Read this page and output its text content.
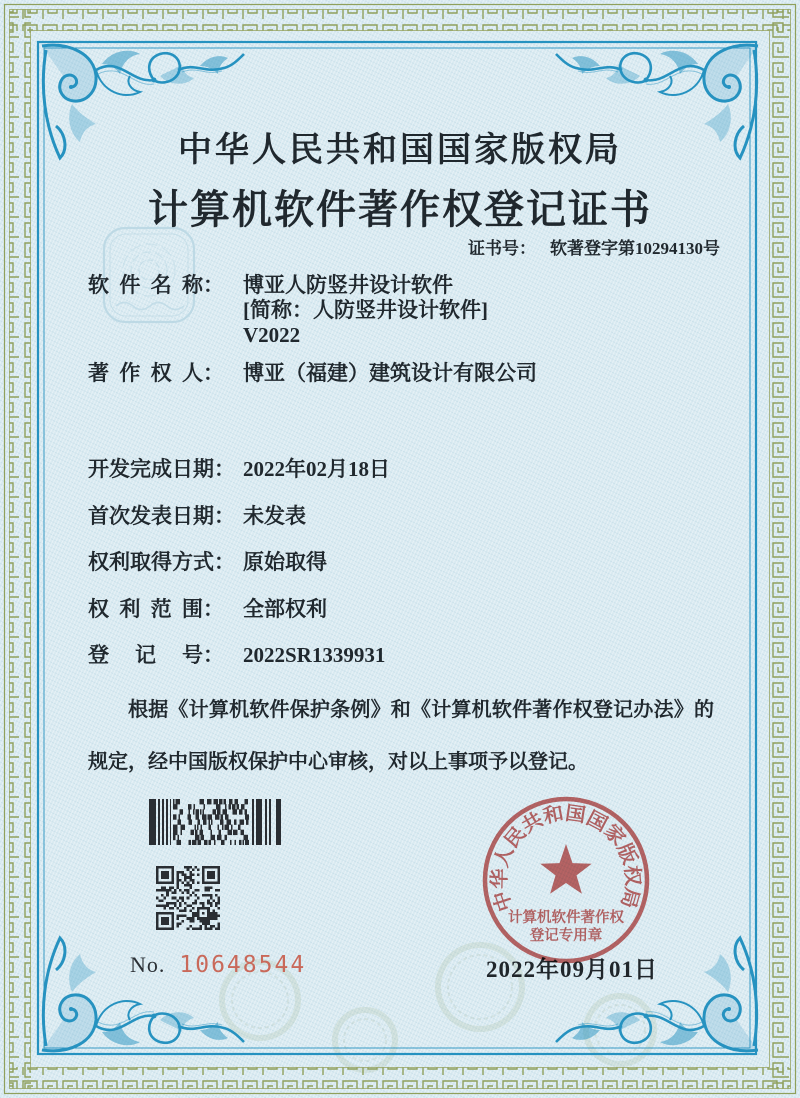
中华人民共和国国家版权局
计算机软件著作权登记证书
证书号： 软著登字第10294130号
软 件 名 称 ： 博亚人防竖井设计软件
[简称：人防竖井设计软件]
V2022
著 作 权 人 ： 博亚（福建）建筑设计有限公司
开 发 完 成 日 期 ： 2022年02月18日
首 次 发 表 日 期 ： 未发表
权 利 取 得 方 式 ： 原始取得
权 利 范 围 ： 全部权利
登 记 号 ： 2022SR1339931
根据《计算机软件保护条例》和《计算机软件著作权登记办法》的
规定，经中国版权保护中心审核，对以上事项予以登记。
No. 10648544	2022年09月01日
中华人民共和国国家版权局
计算机软件著作权
登记专用章
